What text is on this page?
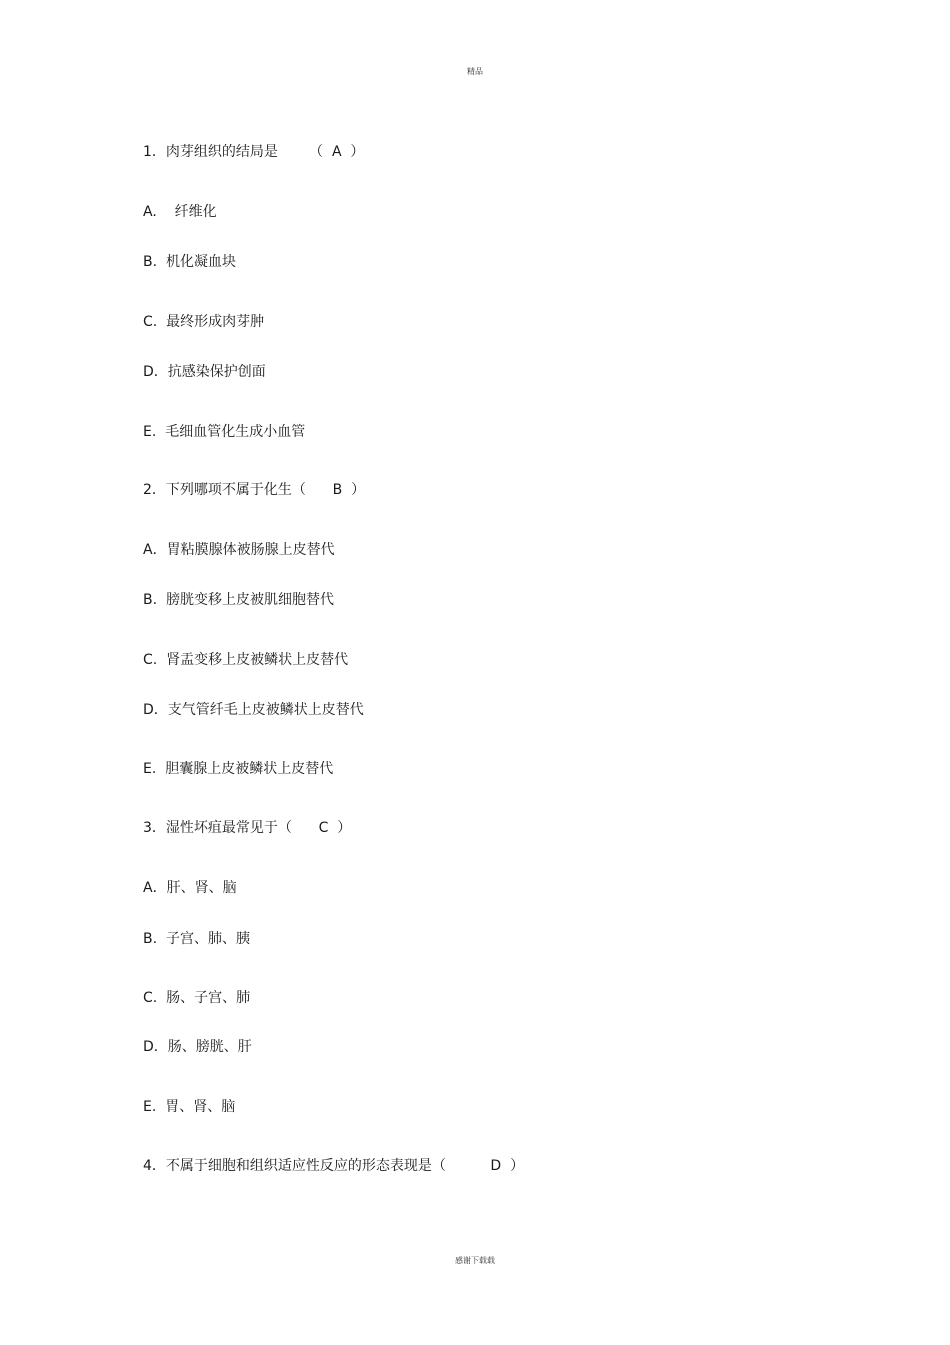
精品
1．肉芽组织的结局是       （  A  ）
A.    纤维化
B.  机化凝血块
C.  最终形成肉芽肿
D．抗感染保护创面
E.  毛细血管化生成小血管
2．下列哪项不属于化生（      B  ）
A．胃粘膜腺体被肠腺上皮替代
B.  膀胱变移上皮被肌细胞替代
C.  肾盂变移上皮被鳞状上皮替代
D．支气管纤毛上皮被鳞状上皮替代
E.  胆囊腺上皮被鳞状上皮替代
3．湿性坏疽最常见于（      C  ）
A．肝、肾、脑
B.  子宫、肺、胰
C.  肠、子宫、肺
D．肠、膀胱、肝
E.  胃、肾、脑
4．不属于细胞和组织适应性反应的形态表现是（          D  ）
感谢下载载
